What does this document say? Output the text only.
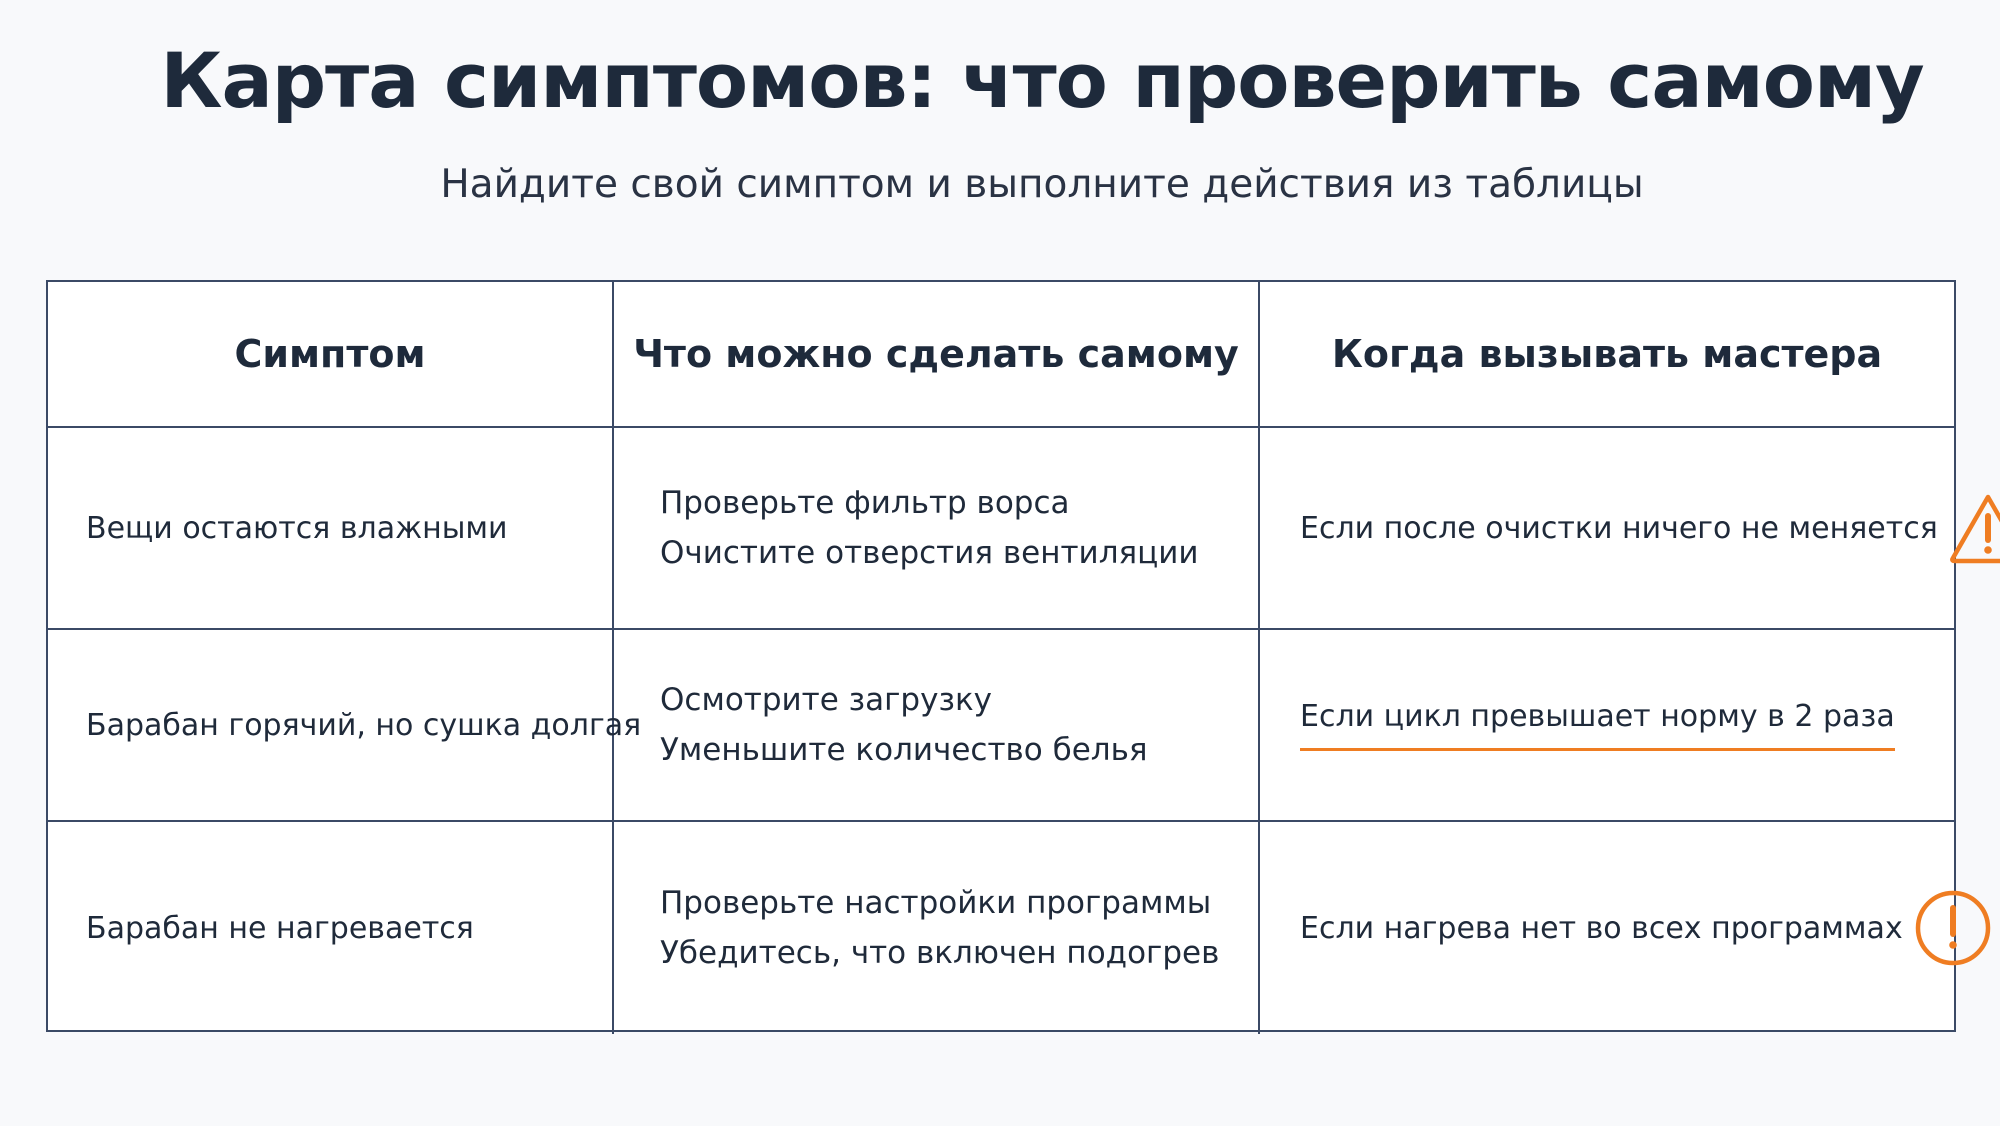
Карта симптомов: что проверить самому

Найдите свой симптом и выполните действия из таблицы

Симптом	Что можно сделать самому	Когда вызывать мастера
Вещи остаются влажными
Проверьте фильтр ворса
Очистите отверстия вентиляции
Если после очистки ничего не меняется
Барабан горячий, но сушка долгая
Осмотрите загрузку
Уменьшите количество белья
Если цикл превышает норму в 2 раза
Барабан не нагревается
Проверьте настройки программы
Убедитесь, что включен подогрев
Если нагрева нет во всех программах
